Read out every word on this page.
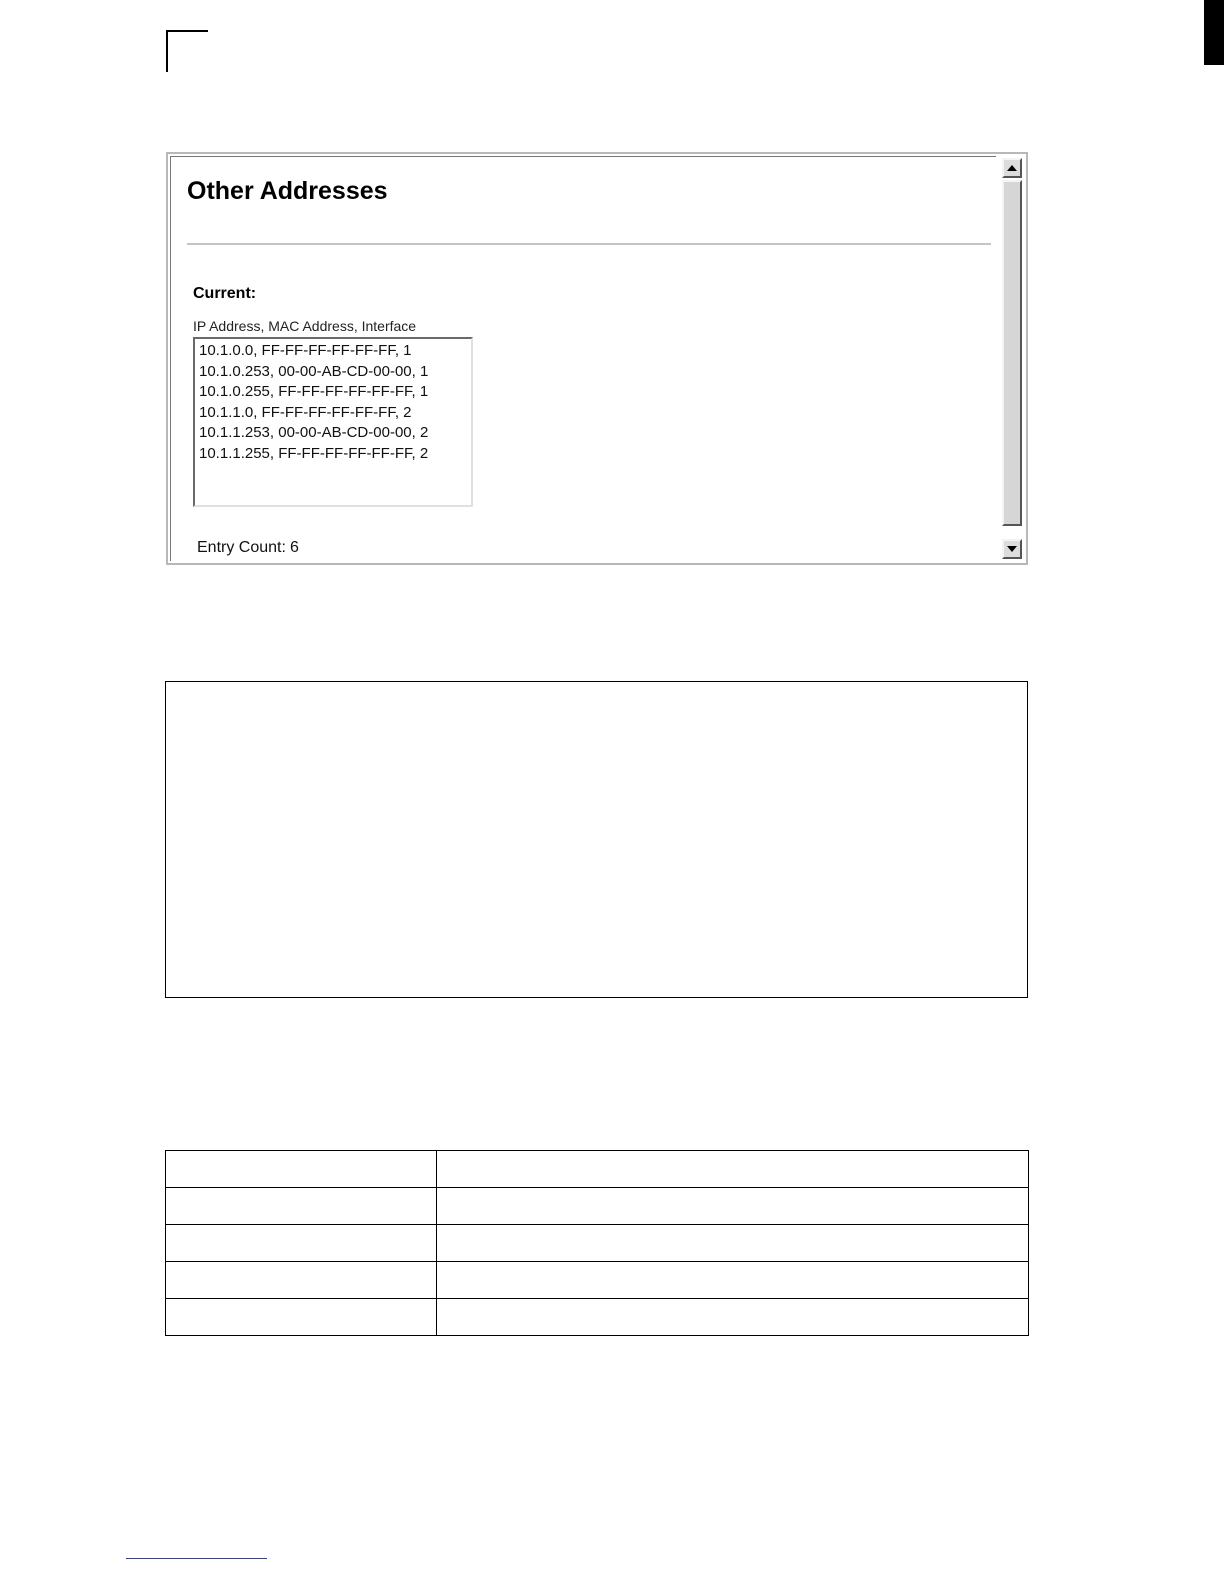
Other Addresses
Current:
IP Address, MAC Address, Interface
10.1.0.0, FF-FF-FF-FF-FF-FF, 1
10.1.0.253, 00-00-AB-CD-00-00, 1
10.1.0.255, FF-FF-FF-FF-FF-FF, 1
10.1.1.0, FF-FF-FF-FF-FF-FF, 2
10.1.1.253, 00-00-AB-CD-00-00, 2
10.1.1.255, FF-FF-FF-FF-FF-FF, 2
Entry Count: 6
